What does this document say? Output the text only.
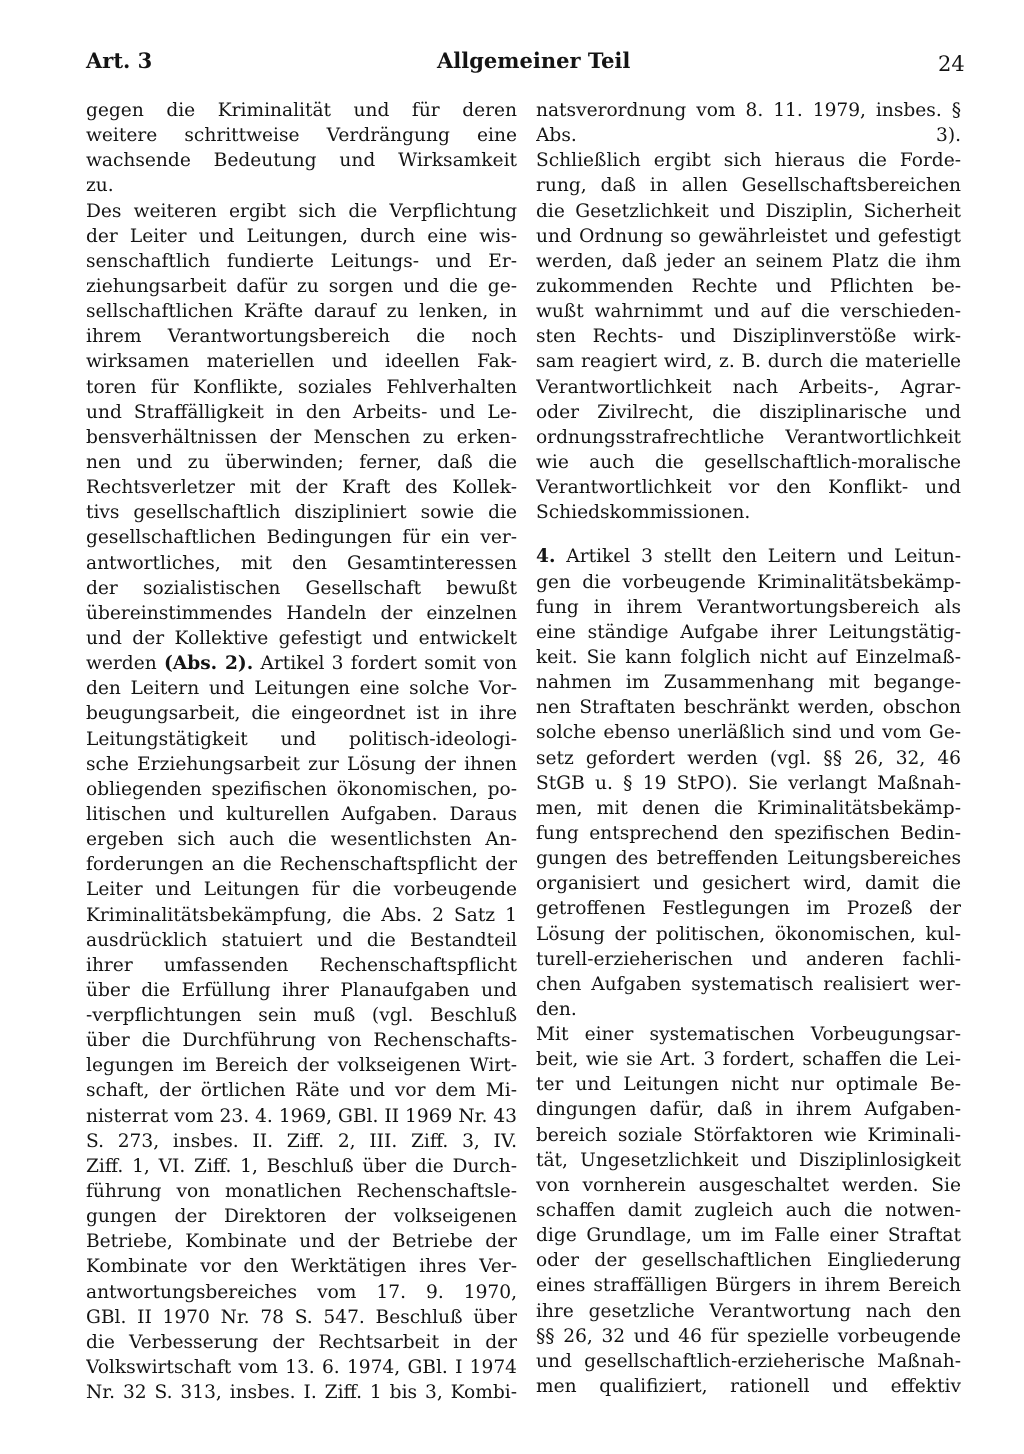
Art. 3	Allgemeiner Teil	24
gegen die Kriminalität und für deren
weitere schrittweise Verdrängung eine
wachsende Bedeutung und Wirksamkeit
zu.
Des weiteren ergibt sich die Verpflichtung
der Leiter und Leitungen, durch eine wis-
senschaftlich fundierte Leitungs- und Er-
ziehungsarbeit dafür zu sorgen und die ge-
sellschaftlichen Kräfte darauf zu lenken, in
ihrem Verantwortungsbereich die noch
wirksamen materiellen und ideellen Fak-
toren für Konflikte, soziales Fehlverhalten
und Straffälligkeit in den Arbeits- und Le-
bensverhältnissen der Menschen zu erken-
nen und zu überwinden; ferner, daß die
Rechtsverletzer mit der Kraft des Kollek-
tivs gesellschaftlich diszipliniert sowie die
gesellschaftlichen Bedingungen für ein ver-
antwortliches, mit den Gesamtinteressen
der sozialistischen Gesellschaft bewußt
übereinstimmendes Handeln der einzelnen
und der Kollektive gefestigt und entwickelt
werden (Abs. 2). Artikel 3 fordert somit von
den Leitern und Leitungen eine solche Vor-
beugungsarbeit, die eingeordnet ist in ihre
Leitungstätigkeit und politisch-ideologi-
sche Erziehungsarbeit zur Lösung der ihnen
obliegenden spezifischen ökonomischen, po-
litischen und kulturellen Aufgaben. Daraus
ergeben sich auch die wesentlichsten An-
forderungen an die Rechenschaftspflicht der
Leiter und Leitungen für die vorbeugende
Kriminalitätsbekämpfung, die Abs. 2 Satz 1
ausdrücklich statuiert und die Bestandteil
ihrer umfassenden Rechenschaftspflicht
über die Erfüllung ihrer Planaufgaben und
-verpflichtungen sein muß (vgl. Beschluß
über die Durchführung von Rechenschafts-
legungen im Bereich der volkseigenen Wirt-
schaft, der örtlichen Räte und vor dem Mi-
nisterrat vom 23. 4. 1969, GBl. II 1969 Nr. 43
S. 273, insbes. II. Ziff. 2, III. Ziff. 3, IV.
Ziff. 1, VI. Ziff. 1, Beschluß über die Durch-
führung von monatlichen Rechenschaftsle-
gungen der Direktoren der volkseigenen
Betriebe, Kombinate und der Betriebe der
Kombinate vor den Werktätigen ihres Ver-
antwortungsbereiches vom 17. 9. 1970,
GBl. II 1970 Nr. 78 S. 547. Beschluß über
die Verbesserung der Rechtsarbeit in der
Volkswirtschaft vom 13. 6. 1974, GBl. I 1974
Nr. 32 S. 313, insbes. I. Ziff. 1 bis 3, Kombi-
natsverordnung vom 8. 11. 1979, insbes. §
Abs. 3).
Schließlich ergibt sich hieraus die Forde-
rung, daß in allen Gesellschaftsbereichen
die Gesetzlichkeit und Disziplin, Sicherheit
und Ordnung so gewährleistet und gefestigt
werden, daß jeder an seinem Platz die ihm
zukommenden Rechte und Pflichten be-
wußt wahrnimmt und auf die verschieden-
sten Rechts- und Disziplinverstöße wirk-
sam reagiert wird, z. B. durch die materielle
Verantwortlichkeit nach Arbeits-, Agrar-
oder Zivilrecht, die disziplinarische und
ordnungsstrafrechtliche Verantwortlichkeit
wie auch die gesellschaftlich-moralische
Verantwortlichkeit vor den Konflikt- und
Schiedskommissionen.
4. Artikel 3 stellt den Leitern und Leitun-
gen die vorbeugende Kriminalitätsbekämp-
fung in ihrem Verantwortungsbereich als
eine ständige Aufgabe ihrer Leitungstätig-
keit. Sie kann folglich nicht auf Einzelmaß-
nahmen im Zusammenhang mit begange-
nen Straftaten beschränkt werden, obschon
solche ebenso unerläßlich sind und vom Ge-
setz gefordert werden (vgl. §§ 26, 32, 46
StGB u. § 19 StPO). Sie verlangt Maßnah-
men, mit denen die Kriminalitätsbekämp-
fung entsprechend den spezifischen Bedin-
gungen des betreffenden Leitungsbereiches
organisiert und gesichert wird, damit die
getroffenen Festlegungen im Prozeß der
Lösung der politischen, ökonomischen, kul-
turell-erzieherischen und anderen fachli-
chen Aufgaben systematisch realisiert wer-
den.
Mit einer systematischen Vorbeugungsar-
beit, wie sie Art. 3 fordert, schaffen die Lei-
ter und Leitungen nicht nur optimale Be-
dingungen dafür, daß in ihrem Aufgaben-
bereich soziale Störfaktoren wie Kriminali-
tät, Ungesetzlichkeit und Disziplinlosigkeit
von vornherein ausgeschaltet werden. Sie
schaffen damit zugleich auch die notwen-
dige Grundlage, um im Falle einer Straftat
oder der gesellschaftlichen Eingliederung
eines straffälligen Bürgers in ihrem Bereich
ihre gesetzliche Verantwortung nach den
§§ 26, 32 und 46 für spezielle vorbeugende
und gesellschaftlich-erzieherische Maßnah-
men qualifiziert, rationell und effektiv
